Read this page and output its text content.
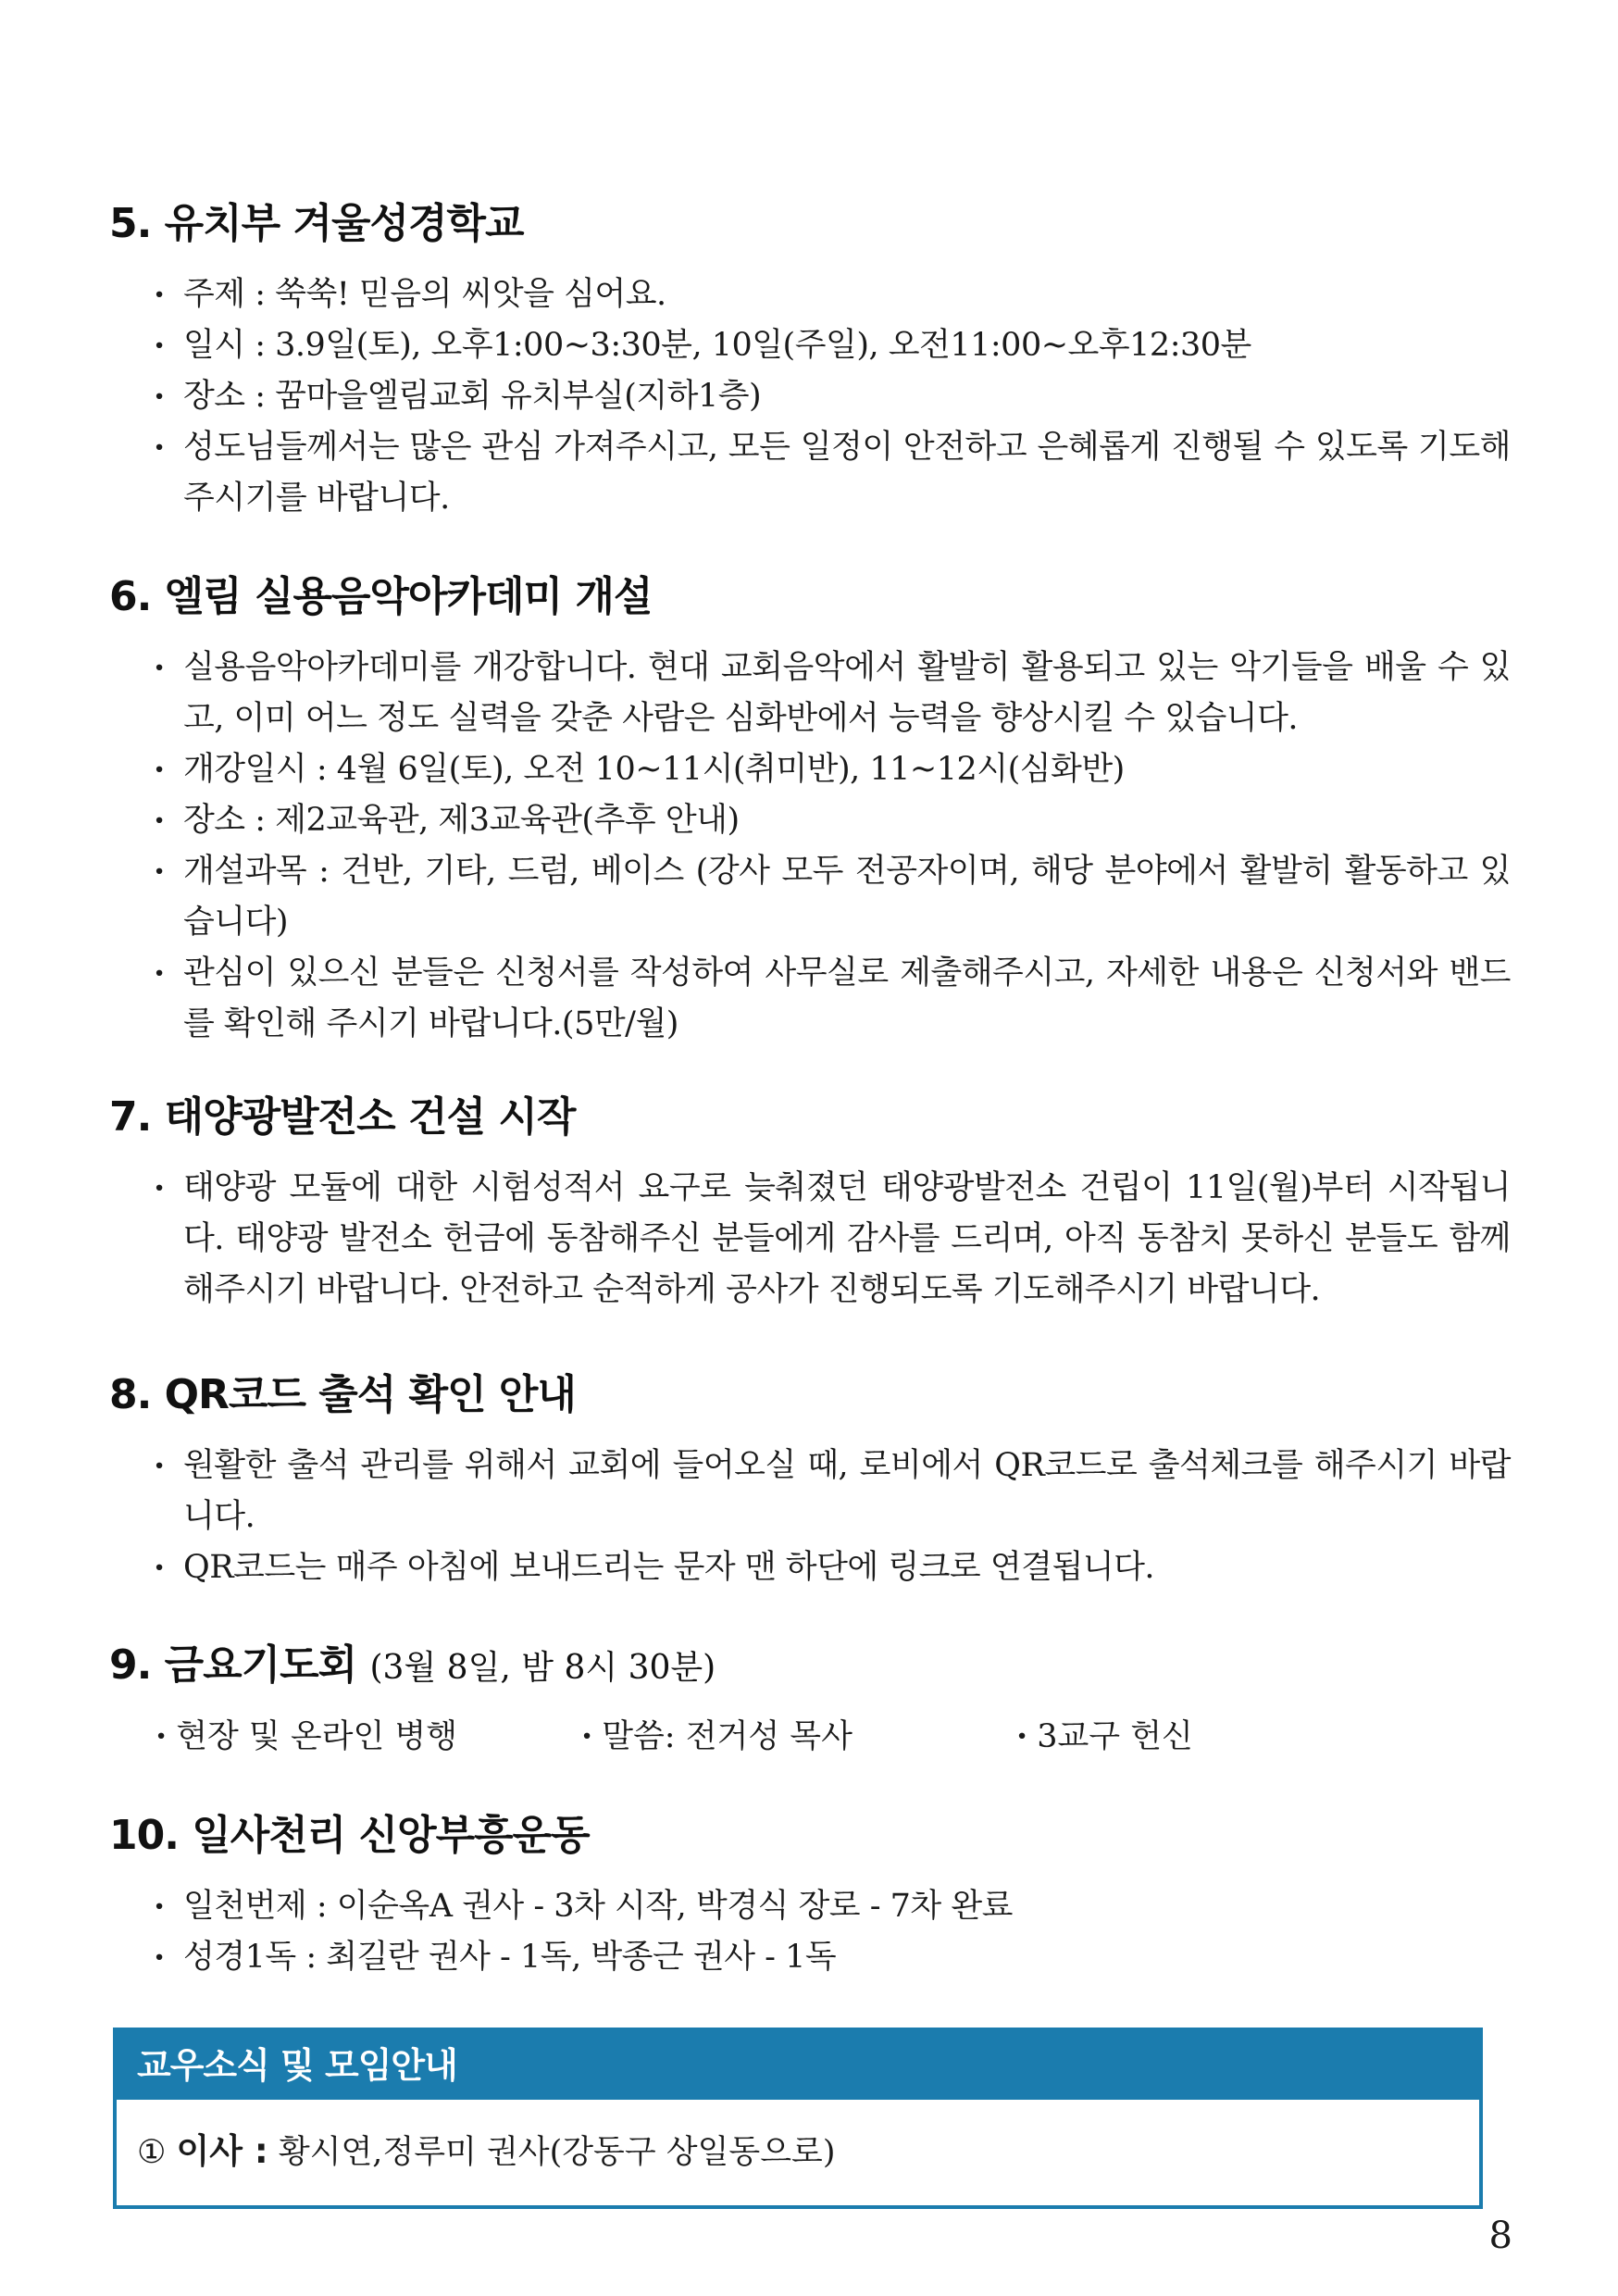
5. 유치부 겨울성경학교
· 주제 : 쑥쑥! 믿음의 씨앗을 심어요.
· 일시 : 3.9일(토), 오후1:00~3:30분, 10일(주일), 오전11:00~오후12:30분
· 장소 : 꿈마을엘림교회 유치부실(지하1층)
· 성도님들께서는 많은 관심 가져주시고, 모든 일정이 안전하고 은혜롭게 진행될 수 있도록 기도해주시기를 바랍니다.
6. 엘림 실용음악아카데미 개설
· 실용음악아카데미를 개강합니다. 현대 교회음악에서 활발히 활용되고 있는 악기들을 배울 수 있고, 이미 어느 정도 실력을 갖춘 사람은 심화반에서 능력을 향상시킬 수 있습니다.
· 개강일시 : 4월 6일(토), 오전 10~11시(취미반), 11~12시(심화반)
· 장소 : 제2교육관, 제3교육관(추후 안내)
· 개설과목 : 건반, 기타, 드럼, 베이스 (강사 모두 전공자이며, 해당 분야에서 활발히 활동하고 있습니다)
· 관심이 있으신 분들은 신청서를 작성하여 사무실로 제출해주시고, 자세한 내용은 신청서와 밴드를 확인해 주시기 바랍니다.(5만/월)
7. 태양광발전소 건설 시작
· 태양광 모듈에 대한 시험성적서 요구로 늦춰졌던 태양광발전소 건립이 11일(월)부터 시작됩니다. 태양광 발전소 헌금에 동참해주신 분들에게 감사를 드리며, 아직 동참치 못하신 분들도 함께해주시기 바랍니다. 안전하고 순적하게 공사가 진행되도록 기도해주시기 바랍니다.
8. QR코드 출석 확인 안내
· 원활한 출석 관리를 위해서 교회에 들어오실 때, 로비에서 QR코드로 출석체크를 해주시기 바랍니다.
· QR코드는 매주 아침에 보내드리는 문자 맨 하단에 링크로 연결됩니다.
9. 금요기도회 (3월 8일, 밤 8시 30분)
· 현장 및 온라인 병행	· 말씀: 전거성 목사	· 3교구 헌신
10. 일사천리 신앙부흥운동
· 일천번제 : 이순옥A 권사 - 3차 시작, 박경식 장로 - 7차 완료
· 성경1독 : 최길란 권사 - 1독, 박종근 권사 - 1독
교우소식 및 모임안내
① 이사 : 황시연,정루미 권사(강동구 상일동으로)
8
